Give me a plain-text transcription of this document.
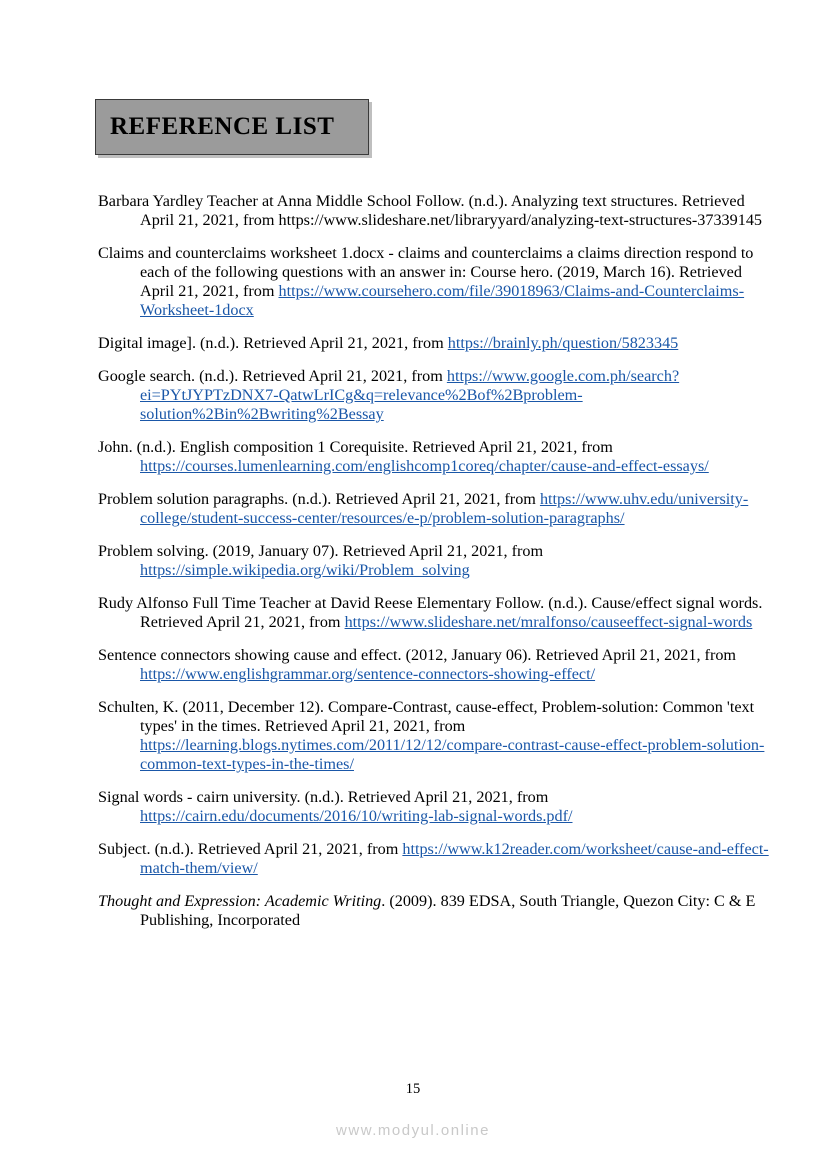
REFERENCE LIST
Barbara Yardley Teacher at Anna Middle School Follow. (n.d.). Analyzing text structures. Retrieved April 21, 2021, from https://www.slideshare.net/libraryyard/analyzing-text-structures-37339145
Claims and counterclaims worksheet 1.docx - claims and counterclaims a claims direction respond to each of the following questions with an answer in: Course hero. (2019, March 16). Retrieved April 21, 2021, from https://www.coursehero.com/file/39018963/Claims-and-Counterclaims-Worksheet-1docx
Digital image]. (n.d.). Retrieved April 21, 2021, from https://brainly.ph/question/5823345
Google search. (n.d.). Retrieved April 21, 2021, from https://www.google.com.ph/search?ei=PYtJYPTzDNX7-QatwLrICg&q=relevance%2Bof%2Bproblem-solution%2Bin%2Bwriting%2Bessay
John. (n.d.). English composition 1 Corequisite. Retrieved April 21, 2021, from https://courses.lumenlearning.com/englishcomp1coreq/chapter/cause-and-effect-essays/
Problem solution paragraphs. (n.d.). Retrieved April 21, 2021, from https://www.uhv.edu/university-college/student-success-center/resources/e-p/problem-solution-paragraphs/
Problem solving. (2019, January 07). Retrieved April 21, 2021, from https://simple.wikipedia.org/wiki/Problem_solving
Rudy Alfonso Full Time Teacher at David Reese Elementary Follow. (n.d.). Cause/effect signal words. Retrieved April 21, 2021, from https://www.slideshare.net/mralfonso/causeeffect-signal-words
Sentence connectors showing cause and effect. (2012, January 06). Retrieved April 21, 2021, from https://www.englishgrammar.org/sentence-connectors-showing-effect/
Schulten, K. (2011, December 12). Compare-Contrast, cause-effect, Problem-solution: Common 'text types' in the times. Retrieved April 21, 2021, from https://learning.blogs.nytimes.com/2011/12/12/compare-contrast-cause-effect-problem-solution-common-text-types-in-the-times/
Signal words - cairn university. (n.d.). Retrieved April 21, 2021, from https://cairn.edu/documents/2016/10/writing-lab-signal-words.pdf/
Subject. (n.d.). Retrieved April 21, 2021, from https://www.k12reader.com/worksheet/cause-and-effect-match-them/view/
Thought and Expression: Academic Writing. (2009). 839 EDSA, South Triangle, Quezon City: C & E Publishing, Incorporated
15
www.modyul.online
